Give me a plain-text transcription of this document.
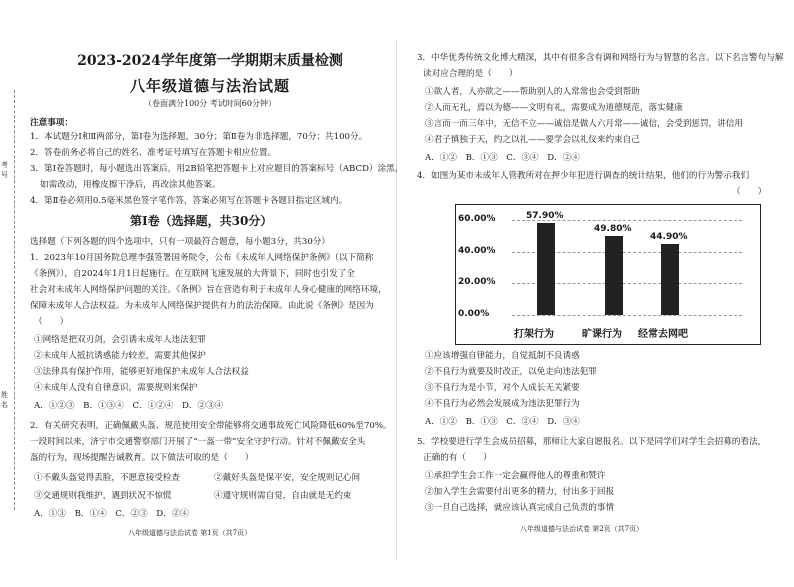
考号
姓名
2023-2024学年度第一学期期末质量检测
八年级道德与法治试题
（卷面满分100分 考试时间60分钟）
注意事项：
1．本试题分Ⅰ和Ⅱ两部分，第Ⅰ卷为选择题，30分；第Ⅱ卷为非选择题，70分；共100分。
2．答卷前务必将自己的姓名、准考证号填写在答题卡相应位置。
3．第Ⅰ卷答题时，每小题选出答案后，用2B铅笔把答题卡上对应题目的答案标号（ABCD）涂黑，
如需改动，用橡皮擦干净后，再改涂其他答案。
4．第Ⅱ卷必须用0.5毫米黑色签字笔作答，答案必须写在答题卡各题目指定区域内。
第Ⅰ卷（选择题，共30分）
选择题（下列各题的四个选项中，只有一项最符合题意，每小题3分，共30分）
1．2023年10月国务院总理李强签署国务院令，公布《未成年人网络保护条例》（以下简称
《条例》），自2024年1月1日起施行。在互联网飞速发展的大背景下，同时也引发了全
社会对未成年人网络保护问题的关注。《条例》旨在营造有利于未成年人身心健康的网络环境，
保障未成年人合法权益。为未成年人网络保护提供有力的法治保障。由此说《条例》是因为
（　　）
①网络是把双刃剑，会引诱未成年人违法犯罪
②未成年人抵抗诱惑能力较差，需要其他保护
③法律具有保护作用，能够更好地保护未成年人合法权益
④未成年人没有自律意识，需要规则来保护
A．①②③　B．①③④　C．①②④　D．②③④
2．有关研究表明，正确佩戴头盔、规范使用安全带能够将交通事故死亡风险降低60%至70%。
一段时间以来，济宁市交通警察部门开展了“一盔一带”安全守护行动。针对不佩戴安全头
盔的行为，现场提醒告诫教育。以下做法可取的是（　　）
①不戴头盔觉得丢脸，不愿意接受检查	②戴好头盔是保平安，安全规则记心间
③交通规则我维护，遇到状况不惊慌	④遵守规则需自觉，自由就是无约束
A．①③　B．①④　C．②③　D．②④
八年级道德与法治试卷 第1页（共7页）
3．中华优秀传统文化博大精深，其中有很多含有调和网络行为与智慧的名言。以下名言警句与解
读对应合理的是（　　）
①欲人者，人亦欲之——帮助别人的人常常也会受到帮助
②人而无礼，焉以为德——文明有礼，需要成为道德规范，落实健康
③言而一而三年中，无信不立——诚信是做人六月常——诚信，会受到惩罚，讲信用
④君子慎独于天，约之以礼——要学会以礼仪来约束自己
A．①②　B．①③　C．③④　D．②④
4．如图为某市未成年人管教所对在押少年犯进行调查的统计结果，他们的行为警示我们
（　　）
60.00%
40.00%
20.00%
0.00%
57.90%
打架行为
49.80%
旷课行为
44.90%
经常去网吧
①应该增强自律能力，自觉抵制不良诱惑
②不良行为就要及时改正，以免走向违法犯罪
③不良行为是小节，对个人成长无关紧要
④不良行为必然会发展成为违法犯罪行为
A．①②　B．①③　C．②④　D．③④
5．学校要进行学生会成员招募，那师让大家自愿报名。以下是同学们对学生会招募的看法，
正确的有（　　）
①承担学生会工作一定会赢得他人的尊重和赞许
②加入学生会需要付出更多的精力，付出多于回报
③一旦自己选择，就应该认真完成自己负责的事情
八年级道德与法治试卷 第2页（共7页）
